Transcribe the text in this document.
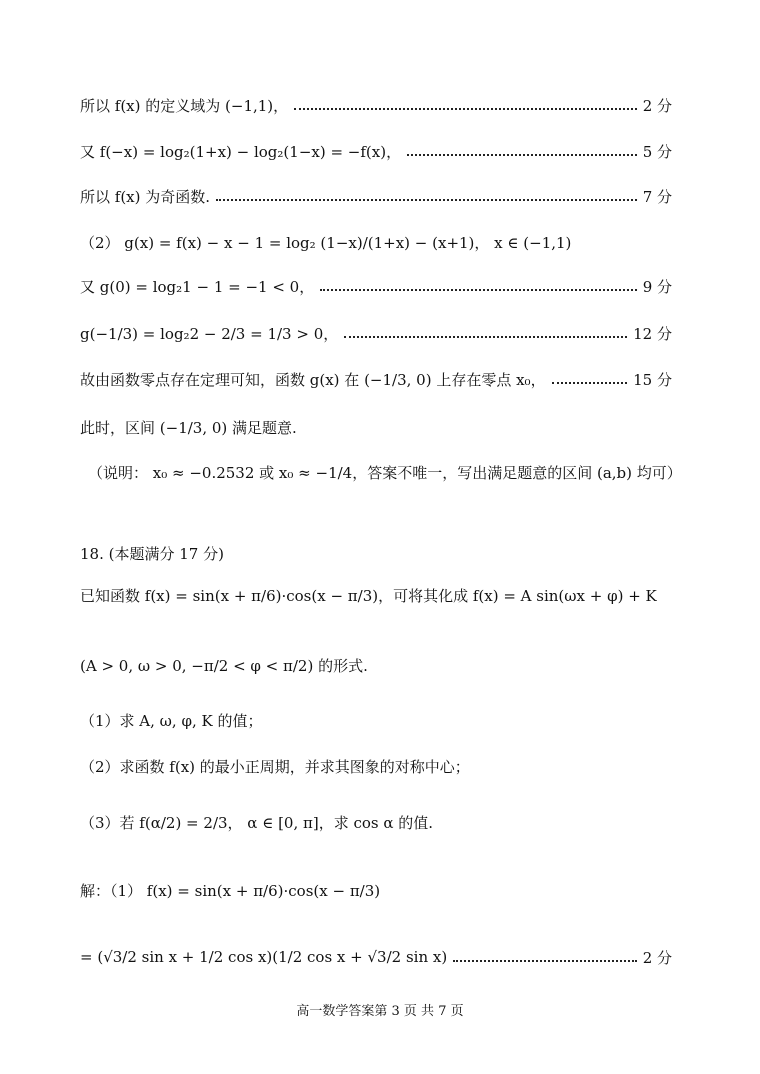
所以 f(x) 的定义域为 (−1,1)，	2 分
又 f(−x) = log₂(1+x) − log₂(1−x) = −f(x)，	5 分
所以 f(x) 为奇函数.	7 分
（2） g(x) = f(x) − x − 1 = log₂ (1−x)/(1+x) − (x+1)， x ∈ (−1,1)
又 g(0) = log₂1 − 1 = −1 < 0，	9 分
g(−1/3) = log₂2 − 2/3 = 1/3 > 0，	12 分
故由函数零点存在定理可知，函数 g(x) 在 (−1/3, 0) 上存在零点 x₀，	15 分
此时，区间 (−1/3, 0) 满足题意.
（说明： x₀ ≈ −0.2532 或 x₀ ≈ −1/4，答案不唯一，写出满足题意的区间 (a,b) 均可）
18. (本题满分 17 分)
已知函数 f(x) = sin(x + π/6)·cos(x − π/3)，可将其化成 f(x) = A sin(ωx + φ) + K
(A > 0, ω > 0, −π/2 < φ < π/2) 的形式.
（1）求 A, ω, φ, K 的值；
（2）求函数 f(x) 的最小正周期，并求其图象的对称中心；
（3）若 f(α/2) = 2/3， α ∈ [0, π]，求 cos α 的值.
解：（1） f(x) = sin(x + π/6)·cos(x − π/3)
= (√3/2 sin x + 1/2 cos x)(1/2 cos x + √3/2 sin x)	2 分
高一数学答案第 3 页 共 7 页
